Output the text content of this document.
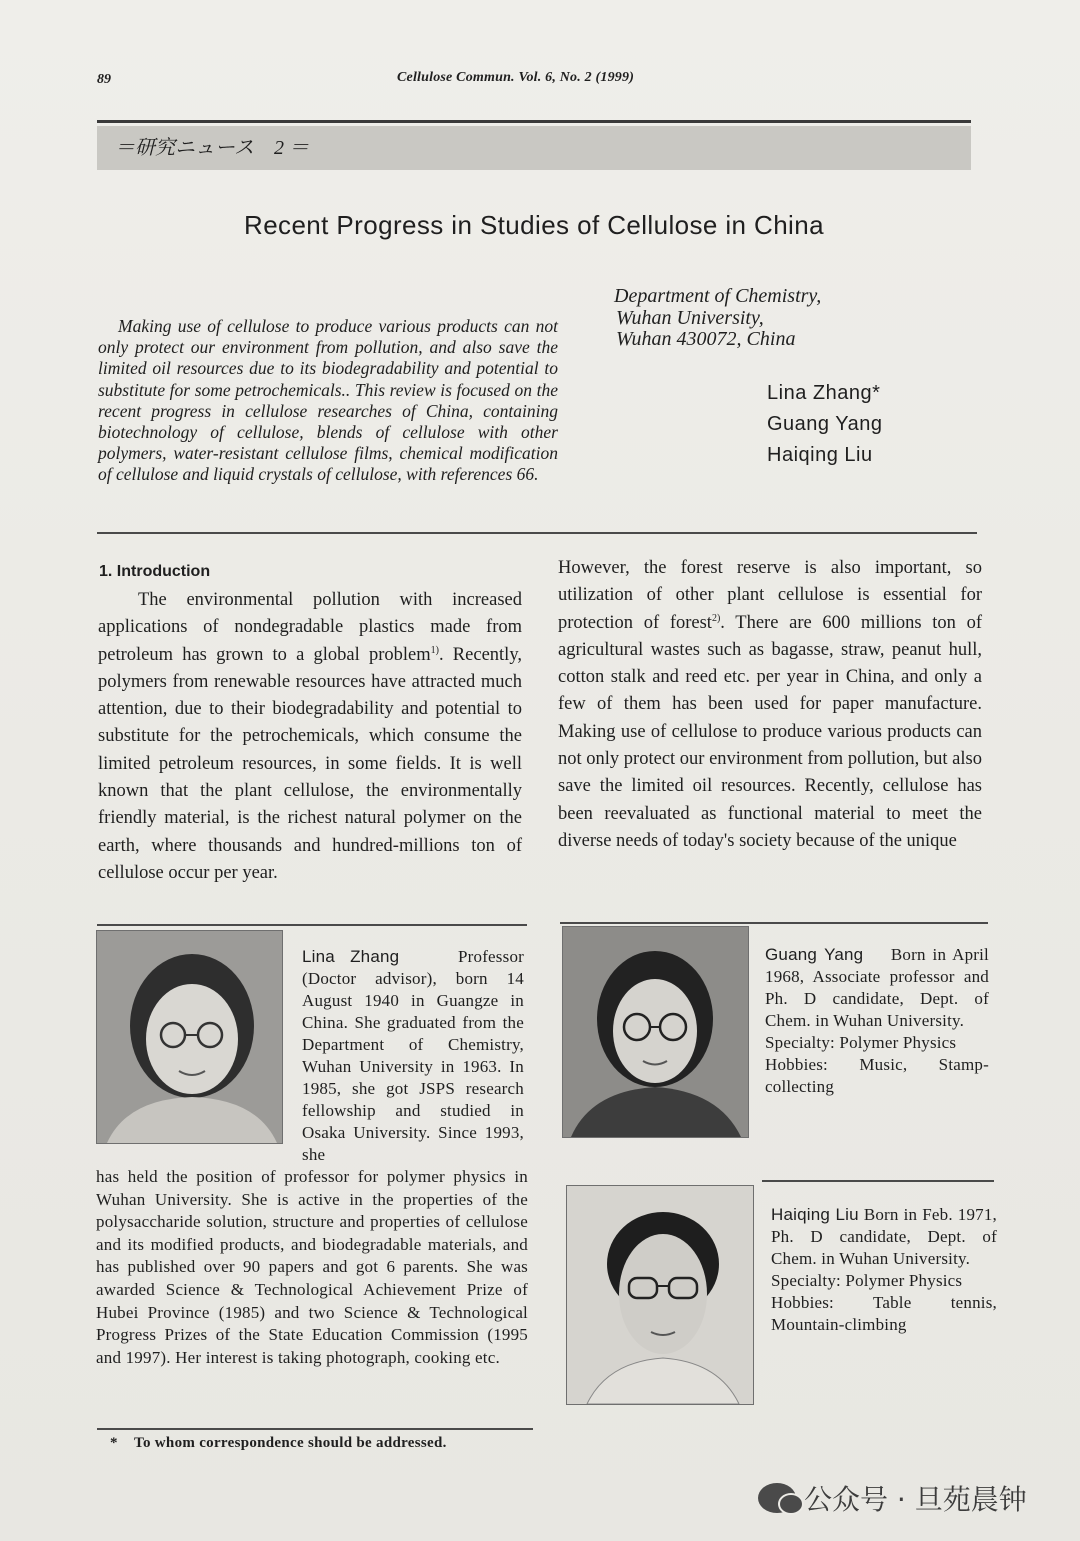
89	Cellulose Commun. Vol. 6, No. 2 (1999)
＝研究ニュース　2 ＝
Recent Progress in Studies of Cellulose in China
Making use of cellulose to produce various products can not only protect our environment from pollution, and also save the limited oil resources due to its biodegradability and potential to substitute for some petrochemicals.. This review is focused on the recent progress in cellulose researches of China, containing biotechnology of cellulose, blends of cellulose with other polymers, water-resistant cellulose films, chemical modification of cellulose and liquid crystals of cellulose, with references 66.
Department of Chemistry,
Wuhan University,
Wuhan 430072, China
Lina Zhang*
Guang Yang
Haiqing Liu
1. Introduction
The environmental pollution with increased applications of nondegradable plastics made from petroleum has grown to a global problem$^{1)}$. Recently, polymers from renewable resources have attracted much attention, due to their biodegradability and potential to substitute for the petrochemicals, which consume the limited petroleum resources, in some fields. It is well known that the plant cellulose, the environmentally friendly material, is the richest natural polymer on the earth, where thousands and hundred-millions ton of cellulose occur per year.
However, the forest reserve is also important, so utilization of other plant cellulose is essential for protection of forest$^{2)}$. There are 600 millions ton of agricultural wastes such as bagasse, straw, peanut hull, cotton stalk and reed etc. per year in China, and only a few of them has been used for paper manufacture. Making use of cellulose to produce various products can not only protect our environment from pollution, but also save the limited oil resources. Recently, cellulose has been reevaluated as functional material to meet the diverse needs of today's society because of the unique
Lina Zhang	Professor (Doctor advisor), born 14 August 1940 in Guangze in China. She graduated from the Department of Chemistry, Wuhan University in 1963. In 1985, she got JSPS research fellowship and studied in Osaka University. Since 1993, she
has held the position of professor for polymer physics in Wuhan University. She is active in the properties of the polysaccharide solution, structure and properties of cellulose and its modified products, and biodegradable materials, and has published over 90 papers and got 6 parents. She was awarded Science & Technological Achievement Prize of Hubei Province (1985) and two Science & Technological Progress Prizes of the State Education Commission (1995 and 1997). Her interest is taking photograph, cooking etc.
Guang Yang Born in April 1968, Associate professor and Ph. D candidate, Dept. of Chem. in Wuhan University.
Specialty: Polymer Physics
Hobbies: Music, Stamp-collecting
Haiqing Liu Born in Feb. 1971, Ph. D candidate, Dept. of Chem. in Wuhan University.
Specialty: Polymer Physics
Hobbies: Table tennis, Mountain-climbing
* To whom correspondence should be addressed.
公众号 · 旦苑晨钟
